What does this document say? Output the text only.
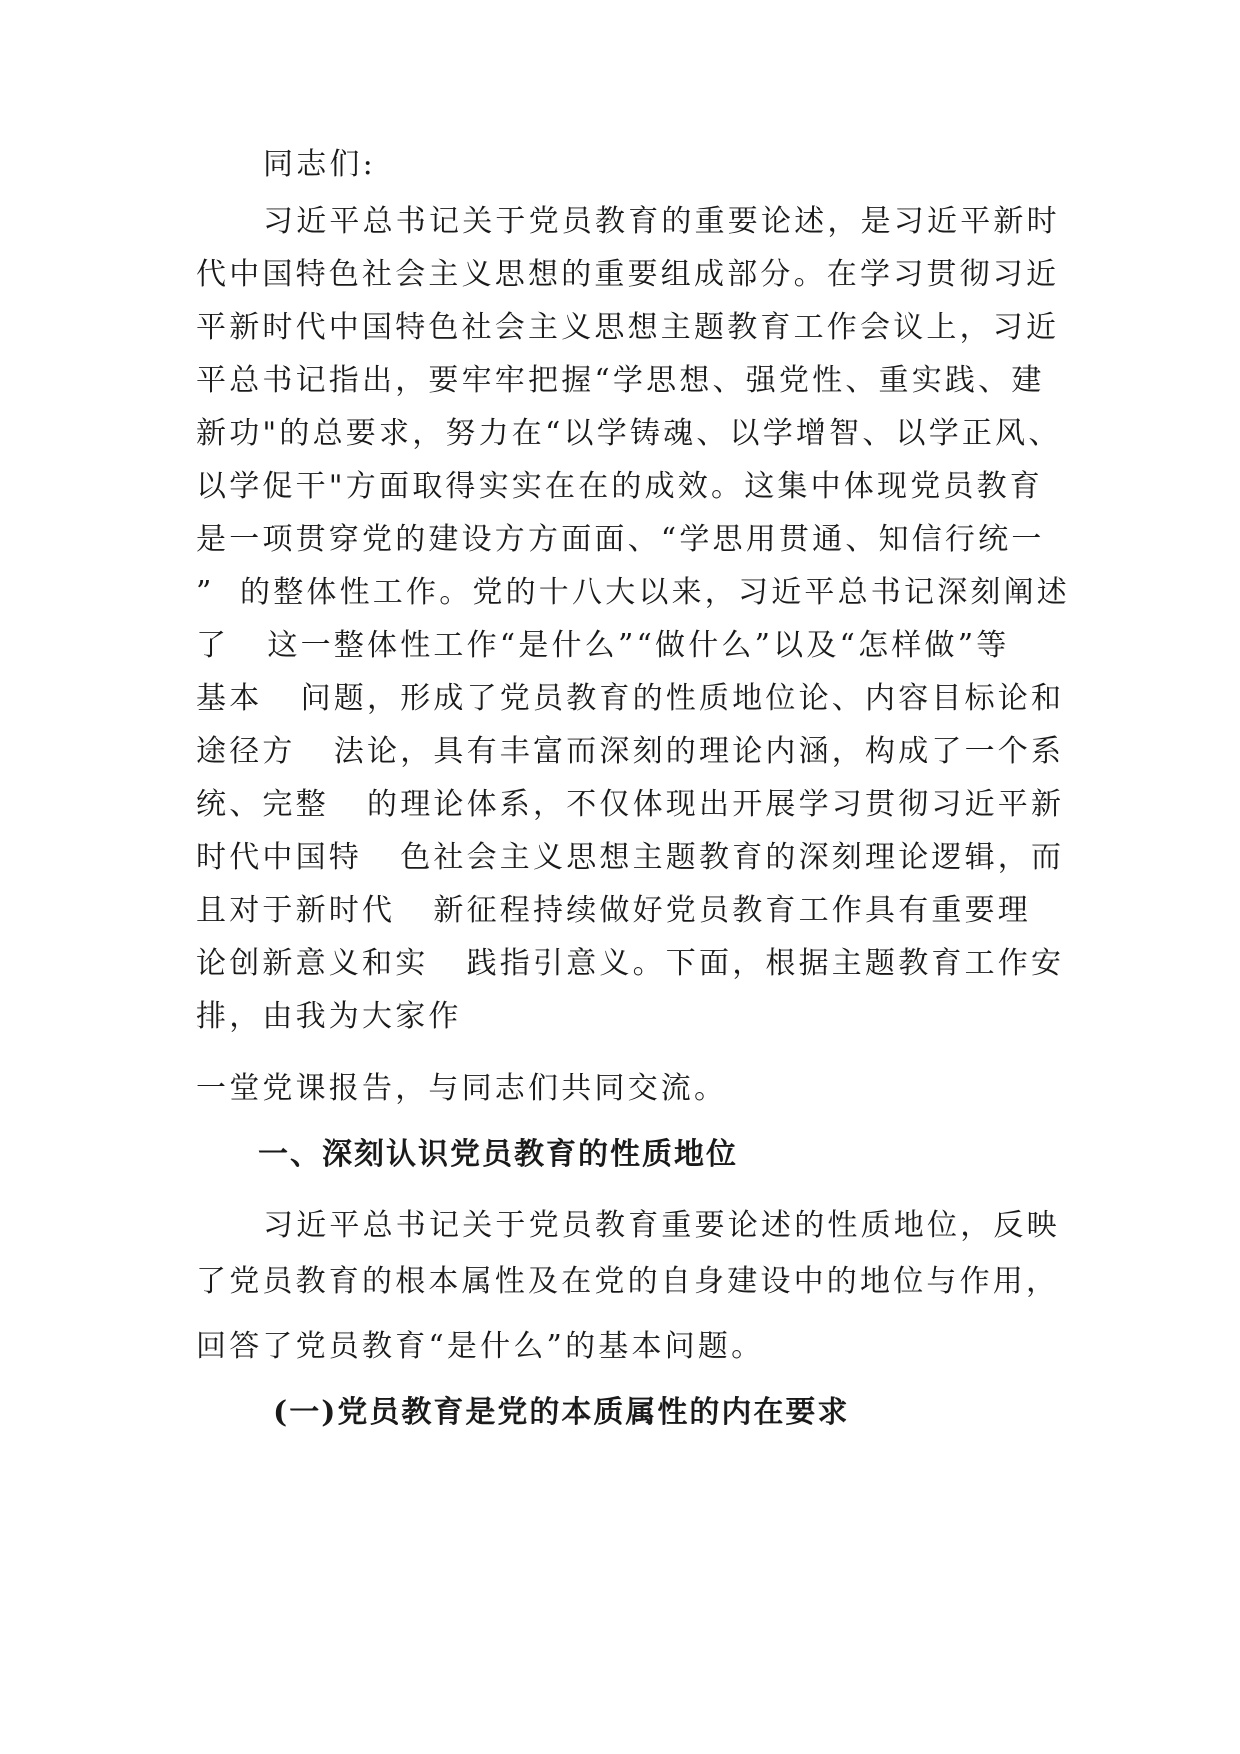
同志们:

习近平总书记关于党员教育的重要论述，是习近平新时

代中国特色社会主义思想的重要组成部分。在学习贯彻习近

平新时代中国特色社会主义思想主题教育工作会议上，习近

平总书记指出，要牢牢把握“学思想、强党性、重实践、建

新功"的总要求，努力在“以学铸魂、以学增智、以学正风、

以学促干"方面取得实实在在的成效。这集中体现党员教育

是一项贯穿党的建设方方面面、“学思用贯通、知信行统一

”  的整体性工作。党的十八大以来，习近平总书记深刻阐述

了   这一整体性工作“是什么”“做什么”以及“怎样做”等

基本   问题，形成了党员教育的性质地位论、内容目标论和

途径方   法论，具有丰富而深刻的理论内涵，构成了一个系

统、完整   的理论体系，不仅体现出开展学习贯彻习近平新

时代中国特   色社会主义思想主题教育的深刻理论逻辑，而

且对于新时代   新征程持续做好党员教育工作具有重要理

论创新意义和实   践指引意义。下面，根据主题教育工作安

排，由我为大家作

一堂党课报告，与同志们共同交流。

一、深刻认识党员教育的性质地位

习近平总书记关于党员教育重要论述的性质地位，反映

了党员教育的根本属性及在党的自身建设中的地位与作用，

回答了党员教育“是什么”的基本问题。

(一)党员教育是党的本质属性的内在要求
